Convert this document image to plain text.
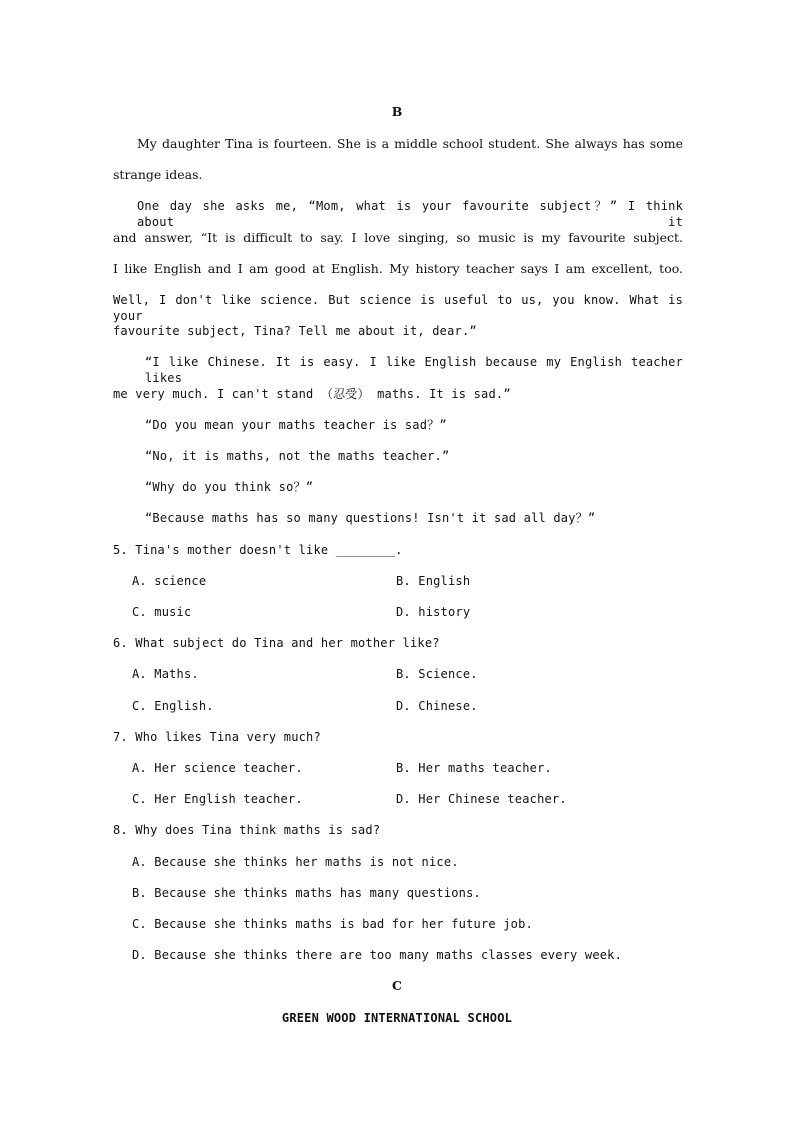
B
My daughter Tina is fourteen. She is a middle school student. She always has some
strange ideas.
One day she asks me, “Mom, what is your favourite subject？” I think about it
and answer, “It is difficult to say. I love singing, so music is my favourite subject.
I like English and I am good at English. My history teacher says I am excellent, too.
Well, I don't like science. But science is useful to us, you know. What is your
favourite subject, Tina? Tell me about it, dear.”
“I like Chinese. It is easy. I like English because my English teacher likes
me very much. I can't stand （忍受） maths. It is sad.”
“Do you mean your maths teacher is sad？”
“No, it is maths, not the maths teacher.”
“Why do you think so？”
“Because maths has so many questions! Isn't it sad all day？”
5. Tina's mother doesn't like ________.
A. science	B. English
C. music	D. history
6. What subject do Tina and her mother like?
A. Maths.	B. Science.
C. English.	D. Chinese.
7. Who likes Tina very much?
A. Her science teacher.	B. Her maths teacher.
C. Her English teacher.	D. Her Chinese teacher.
8. Why does Tina think maths is sad?
A. Because she thinks her maths is not nice.
B. Because she thinks maths has many questions.
C. Because she thinks maths is bad for her future job.
D. Because she thinks there are too many maths classes every week.
C
GREEN WOOD INTERNATIONAL SCHOOL
